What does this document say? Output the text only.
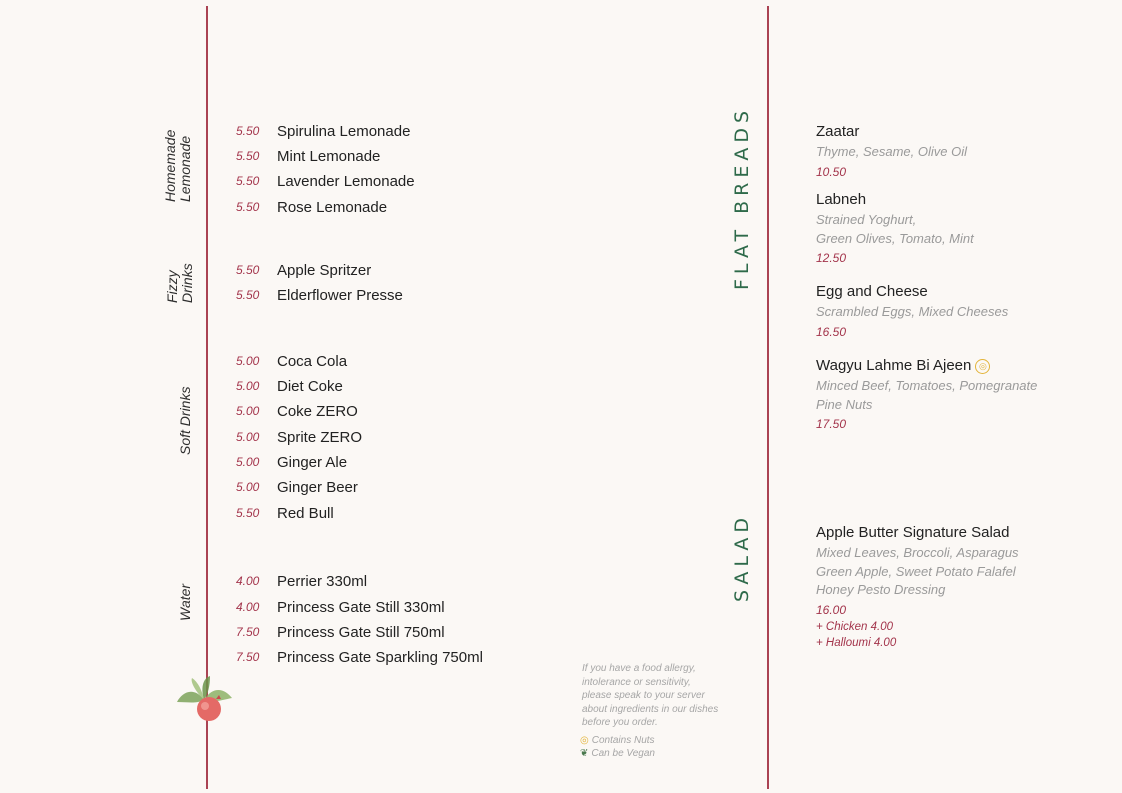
Homemade Lemonade
Fizzy Drinks
Soft Drinks
Water
5.50	Spirulina Lemonade
5.50	Mint Lemonade
5.50	Lavender Lemonade
5.50	Rose Lemonade
5.50	Apple Spritzer
5.50	Elderflower Presse
5.00	Coca Cola
5.00	Diet Coke
5.00	Coke ZERO
5.00	Sprite ZERO
5.00	Ginger Ale
5.00	Ginger Beer
5.50	Red Bull
4.00	Perrier 330ml
4.00	Princess Gate Still 330ml
7.50	Princess Gate Still 750ml
7.50	Princess Gate Sparkling 750ml
If you have a food allergy,
intolerance or sensitivity,
please speak to your server
about ingredients in our dishes
before you order.
◎ Contains Nuts
❦ Can be Vegan
FLAT BREADS
SALAD
Zaatar
Thyme, Sesame, Olive Oil
10.50
Labneh
Strained Yoghurt,
Green Olives, Tomato, Mint
12.50
Egg and Cheese
Scrambled Eggs, Mixed Cheeses
16.50
Wagyu Lahme Bi Ajeen ◎
Minced Beef, Tomatoes, Pomegranate
Pine Nuts
17.50
Apple Butter Signature Salad
Mixed Leaves, Broccoli, Asparagus
Green Apple, Sweet Potato Falafel
Honey Pesto Dressing
16.00
+ Chicken 4.00
+ Halloumi 4.00
